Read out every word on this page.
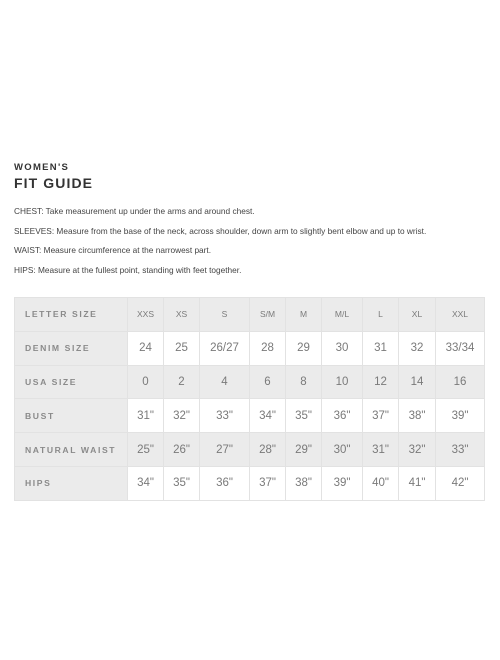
WOMEN'S
FIT GUIDE

CHEST: Take measurement up under the arms and around chest.

SLEEVES: Measure from the base of the neck, across shoulder, down arm to slightly bent elbow and up to wrist.

WAIST: Measure circumference at the narrowest part.

HIPS: Measure at the fullest point, standing with feet together.

LETTER SIZE	XXS	XS	S	S/M	M	M/L	L	XL	XXL
DENIM SIZE	24	25	26/27	28	29	30	31	32	33/34
USA SIZE	0	2	4	6	8	10	12	14	16
BUST	31"	32"	33"	34"	35"	36"	37"	38"	39"
NATURAL WAIST	25"	26"	27"	28"	29"	30"	31"	32"	33"
HIPS	34"	35"	36"	37"	38"	39"	40"	41"	42"
